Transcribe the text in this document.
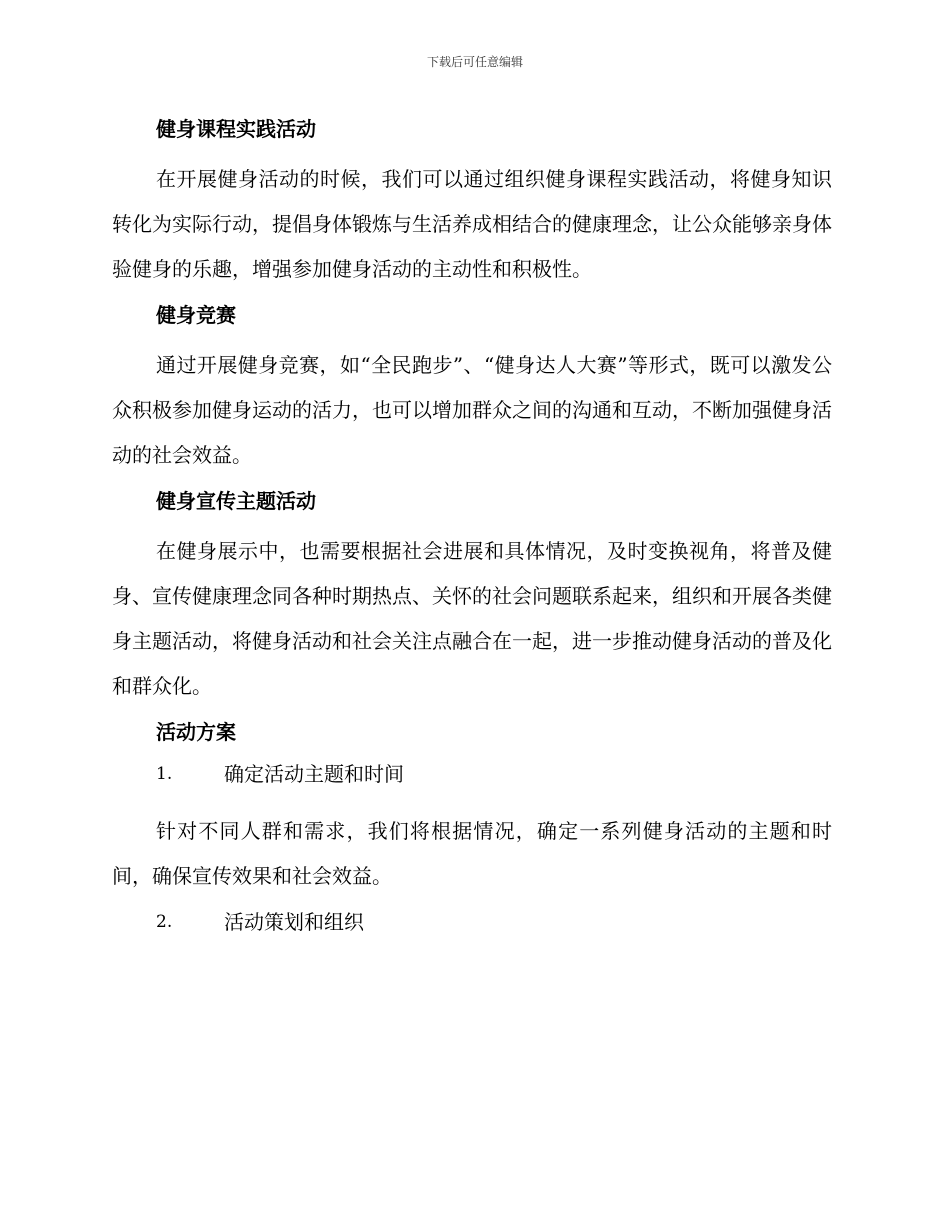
下载后可任意编辑
健身课程实践活动

在开展健身活动的时候，我们可以通过组织健身课程实践活动，将健身知识转化为实际行动，提倡身体锻炼与生活养成相结合的健康理念，让公众能够亲身体验健身的乐趣，增强参加健身活动的主动性和积极性。

健身竞赛

通过开展健身竞赛，如“全民跑步”、“健身达人大赛”等形式，既可以激发公众积极参加健身运动的活力，也可以增加群众之间的沟通和互动，不断加强健身活动的社会效益。

健身宣传主题活动

在健身展示中，也需要根据社会进展和具体情况，及时变换视角，将普及健身、宣传健康理念同各种时期热点、关怀的社会问题联系起来，组织和开展各类健身主题活动，将健身活动和社会关注点融合在一起，进一步推动健身活动的普及化和群众化。

活动方案
1.	确定活动主题和时间

针对不同人群和需求，我们将根据情况，确定一系列健身活动的主题和时间，确保宣传效果和社会效益。

2.	活动策划和组织
